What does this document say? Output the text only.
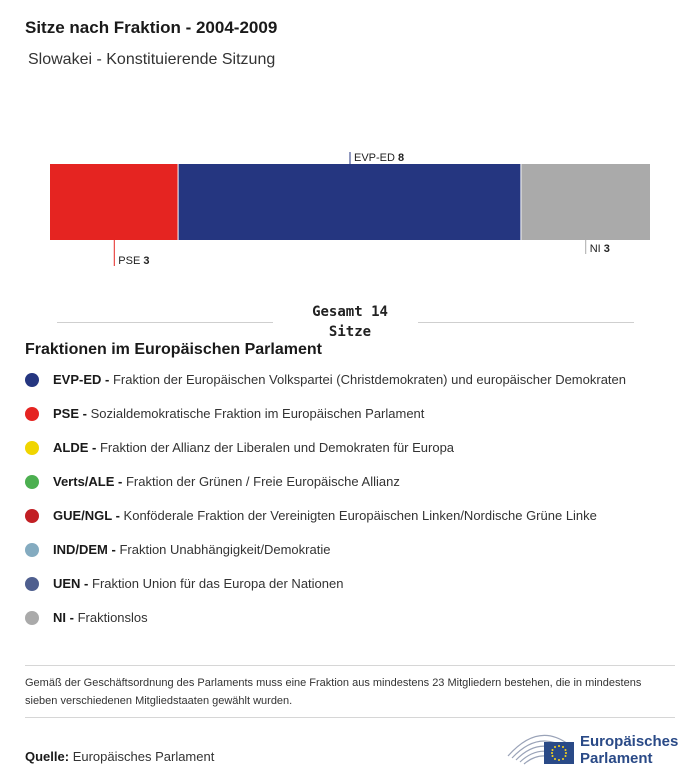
Sitze nach Fraktion - 2004-2009
Slowakei - Konstituierende Sitzung
PSE 3
EVP-ED 8
NI 3
Gesamt 14
Sitze
Fraktionen im Europäischen Parlament
EVP-ED - Fraktion der Europäischen Volkspartei (Christdemokraten) und europäischer Demokraten
PSE - Sozialdemokratische Fraktion im Europäischen Parlament
ALDE - Fraktion der Allianz der Liberalen und Demokraten für Europa
Verts/ALE - Fraktion der Grünen / Freie Europäische Allianz
GUE/NGL - Konföderale Fraktion der Vereinigten Europäischen Linken/Nordische Grüne Linke
IND/DEM - Fraktion Unabhängigkeit/Demokratie
UEN - Fraktion Union für das Europa der Nationen
NI - Fraktionslos
Gemäß der Geschäftsordnung des Parlaments muss eine Fraktion aus mindestens 23 Mitgliedern bestehen, die in mindestens sieben verschiedenen Mitgliedstaaten gewählt wurden.
Quelle: Europäisches Parlament
Europäisches
Parlament
